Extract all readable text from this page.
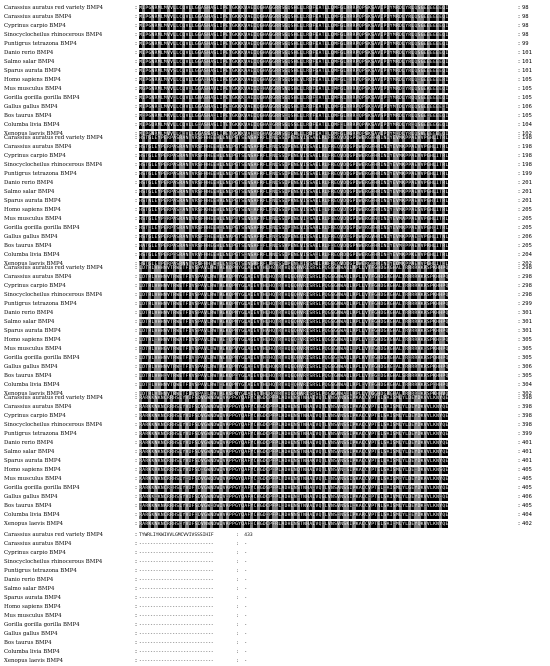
Carassius auratus red variety BMP4	: M I P G N R M L M V V L L C Q V L L G G A S H A S L I P E T G K K K V A E I Q G H A G G R R S G Q S H E L L R D F E A T L L Q M F G L R R R P Q P S K S A V I P D Y M R D L Y R L Q S G E E E E E E Q I	: 98
Carassius auratus BMP4	: M I P G N R M L M V V L L C Q V L L G G A S H A S L I P E T G K K K V A E I Q G H A G G R R S G Q S H E L L R D F E A T L L Q M F G L R R R P Q P S K S A V I P D Y M R D L Y R L Q S G E E E E E E Q I	: 98
Cyprinus carpio BMP4	: M I P G N R M L M V V L L C Q V L L G G A S H A S L I P E T G K K K V A E I Q G H A G G R R S G Q S H E L L R D F E A T L L Q M F G L R R R P Q P S K S A V I P D Y M R D L Y R L Q S G E E E E E E Q I	: 98
Sinocyclocheilus rhinocerous BMP4	: M I P G N R M L M V V L L C Q V L L G G A S H A S L I P E T G K K K V A E I Q G H A G G R R S G Q S H E L L R D F E A T L L Q M F G L R R R P Q P S K S A V I P D Y M R D L Y R L Q S G E E E E E E Q I	: 98
Puntigrus tetrazona BMP4	: M I P G N R M L M V V L L C Q V L L G G A S H A S L I P E T G K K K V A E I Q G H A G G R R S G Q S H E L L R D F E A T L L Q M F G L R R R P Q P S K S A V I P D Y M R D L Y R L Q S G E E E E E E Q I	: 99
Danio rerio BMP4	: M I P G N R M L M V V L L C Q V L L G G A S H A S L I P E T G K K K V A E I Q G H A G G R R S G Q S H E L L R D F E A T L L Q M F G L R R R P Q P S K S A V I P D Y M R D L Y R L Q S G E E E E E E Q I	: 101
Salmo salar BMP4	: M I P G N R M L M V V L L C Q V L L G G A S H A S L I P E T G K K K V A E I Q G H A G G R R S G Q S H E L L R D F E A T L L Q M F G L R R R P Q P S K S A V I P D Y M R D L Y R L Q S G E E E E E E Q I	: 101
Sparus aurata BMP4	: M I P G N R M L M V V S L C Q V L L G G A S H A S L I P E T G K K K A A E I Q G H A G G R R S G Q S H E L L R D F G A T L L Q M F G L R R R P Q P S K S A V I P V Y M R D L Y R L Q S G E E E E E E Q I	: 101
Homo sapiens BMP4	: M I P G N R A L M V V L L C Q V L L G G A - H A S L I P E G G K K K V A E I Q G H A G G - R S G Q S H E V L R D F E A T L L Q M F G L - R R P Q P S K N A V I P D Y M R D L Y R L Q - G E E E E E E R I	: 105
Mus musculus BMP4	: M G P G N R M L M V V L L C Q V - L G G A S H A V L I P E T G K K K V A E I Q - H A G G R R S N Q S H E L L R D F E A T L L - M F G L R R R R Q P S K S A V I P D Y M R D - Y R L Q S G E K E E E E Q I	: 105
Gorilla gorilla gorilla BMP4	: M I P G N R M L M V V - L C Q V L L G N A S H A S L I P E T G K K K - A E I Q G H A R G R R S G Q S H E L L R D F - A T L L Q M F K L R R R P Q P S K S A V I P - Y M R D L Y R Q Q S G E E E E E E Q I	: 105
Gallus gallus BMP4	: M I P G N R - L M V V L L C R V L L G G A S H A S L I P E - G K K K V A E K Q G H A G G R R S G Q S H E - L R D F E A T Q L Q M F G L R R R P Q P S K - A V I P D Y M T D L Y R L Q S G E E E E E E - I	: 106
Bos taurus BMP4	: M - P G N R M L M K V L L C Q V L L G G A S H A - L I P E T G K Q K V A E I Q G H A G G R R S - Q S H E L L R T F E A T L L Q M F G L R R R - Q P S K S A V S P D Y M R D L Y R L Q S G E - E E E E Q I	: 105
Columba livia BMP4	: M I P G Q R M L M V V L L C Q V L L G - A S H A S L I T E T G K K K V A E I Q G H A - G R R S G Q S S E L L R D F E A T L L Q M F - L R R R P Q P A K S A V I P D Y M R D L Y R - Q S G E E E E G E Q I	: 104
Xenopus laevis BMP4	:	: 102
Carassius auratus red variety BMP4	: H S T G L E Y P E R P A S R A N T V R S F H H E E H L E N L P G T S E N S A F R F L F N L S S I P E N E V I S S A E L R L F R E Q V D Q G P D W E R G F H R I N I Y E V M K P P A E V V P G H L I T R L	: 198
Carassius auratus BMP4	: H S T G L E Y P E R P A S R A N T V R S F H H E E H L E N L P G T S E N S A F R F L F N L S S I P E N E V I S S A E L R L F R E Q V D Q G P D W E R G F H R I N I Y E V M K P P A E V V P G H L I T R L	: 198
Cyprinus carpio BMP4	: H S T G L E Y P E R P A S R A N T V R S F H H E E H L E N L P G T S E N S A F R F L F N L S S I P E N E V I S S A E L R L F R E Q V D Q G P D W E R G F H R I N I Y E V M K P P A E V V P G H L I T R L	: 198
Sinocyclocheilus rhinocerous BMP4	: H S T G L E Y P E R P A S R A N T V R S F H H E E H L E N L P G T S E N S A F R F L F N L S S I P E N E V I S S A E L R L F R E Q V D Q G P D W E R G F H R I N I Y E V M K P P A E V V P G H L I T R L	: 198
Puntigrus tetrazona BMP4	: H S T G L E Y P E R P A S R A N T V R S F H H E E H L E N L P G T S E N S A F R F L F N L S S I P E N E V I S S A E L R L F R E Q V D Q G P D W E R G F H R I N I Y E V M K P P A E V V P G H L I T R L	: 199
Danio rerio BMP4	: H S T G L E Y P E R P A S R A N T V R S F H H E E H L E N L P G T S E N S A F R F L F N L S S I P E N E V I S S A E L R L F R E Q V D Q G P D W E R G F H R I N I Y E V M K P P A E V V P G H L I T R L	: 201
Salmo salar BMP4	: H S T G L E Y P E R P A S R A N T V R S F H H E E H L E N L P G T S E N S A F R F L F N L S S I P E N E V I S S A E L R L F R E Q V D Q G P D W E R G F H R I N I Y E V M K P P A E V V P G H L I T R L	: 201
Sparus aurata BMP4	: H S T N L E Y P E R P A S R A N T V R S F H H E E H R E N L P G T S E N S A F R F L F N L S S I P K N E V I S S A E L R L F R E Q V D Q G P D W Q R G F H R I N I Y E V M K P P A E V V P G H T I T R L	: 201
Homo sapiens BMP4	: H S T G L E Y P E R P A S - A N T V R S F K H E E H L E N L P G T S E N - A F R F L F N Q S S I P E N E V I S S A E L - L F R E Q V D T G P D W E R G F H R I N I Y - V M K P P A E S V P G H L I T R L	: 205
Mus musculus BMP4	: H S T G L E Y P - R P A S R A N Q V R S F H H E E H L E N L P - T S E N S A F T F L F N L S S I P E N E V I - S A E L R L F S E Q V D Q G P D W E R G F H - I N I Y E V M A P P A E V V P G H L I T R L	: 205
Gorilla gorilla gorilla BMP4	: H S T - L E Y P E R P T S R A N T V R S F H H E E H - E N L P G T S S N S A F R F L F N L S S I P - N E V I S S A A L R L F R E Q V D Q G P D W - R G F H R I N G Y E V M K P P A E V V P G H - I T R L	: 205
Gallus gallus BMP4	: H S T G L E S P E R P A S R A N T V R S F - H E E H L E N A P G T S E N S A F R F L F N - S S I P E N E G I S S A E L R L F R E Q V D - G P D W E R G V H R I N I Y E V M K P P A E - V P G H L I T N L	: 206
Bos taurus BMP4	: H A T G L E Y P E R P A S R A N - V R S F H H E G H L E N L P G T S E N S A F - F L F N L S S V P E N E V I S S A E L R L F - E Q V D Q G P N W E R G F H R I N I Y E V M - P P A E V V P R H L I T R L	: 205
Columba livia BMP4	: H S T G L E Y P E R P - S R A N T V R V F H H E E H L E N L P G T S - N S A F R F L N N L S S I P E N E V I S S A - L R L F R E Q R D Q G P D W E R G F H R I N - Y E V M K P P K E V V P G H L I T R L	: 204
Xenopus laevis BMP4	:	: 202
Carassius auratus red variety BMP4	: L D T R L V H H N V T R W E T F D V S P A V L R W T R E K Q P N Y G L A I E V T H L H Q T R T H Q G Q H V R I S R S L P Q G S G N W A Q L R P L L V T F G H D G R G H A L T R R R R A K R S P K H H P Q	: 298
Carassius auratus BMP4	: L D T R L V H H N V T R W E T F D V S P A V L R W T R E K Q P N Y G L A I E V T H L H Q T R T H Q G Q H V R I S R S L P Q G S G N W A Q L R P L L V T F G H D G R G H A L T R R R R A K R S P K H H P Q	: 298
Cyprinus carpio BMP4	: L D T R L V H H N V T R W E T F D V S P A V L R W T R E K Q P N Y G L A I E V T H L H Q T R T H Q G Q H V R I S R S L P Q G S G N W A Q L R P L L V T F G H D G R G H A L T R R R R A K R S P K H H P Q	: 298
Sinocyclocheilus rhinocerous BMP4	: L D T R L V H H N V T R W E T F D V S P A V L R W T R E K Q P N Y G L A I E V T H L H Q T R T H Q G Q H V R I S R S L P Q G S G N W A Q L R P L L V T F G H D G R G H A L T R R R R A K R S P K H H P Q	: 298
Puntigrus tetrazona BMP4	: L D T R L V H H N V T R W E T F D V S P A V L R W T R E K Q P N Y G L A I E V T H L H Q T R T H Q G Q H V R I S R S L P Q G S G N W A Q L R P L L V T F G H D G R G H A L T R R R R A K R S P K H H P Q	: 299
Danio rerio BMP4	: L D T R L V H H N V T R W E T F D V S P A V L R W T R E K Q P N Y G L A I E V T H L H Q T R T H Q G Q H V R I S R S L P Q G S G N W A Q L R P L L V T F G H D G R G H A L T R R R R A K R S P K H H P Q	: 301
Salmo salar BMP4	: L D T R L V H H N V T R W E T F D V S P A V L R W T R E K Q P N Y G L A I E V T H L H Q T R T H Q G Q H V R I S R S L P Q G S G N W A Q L R P L L V T F G H D G R G H A L T R R R R A K R S P K H H P Q	: 301
Sparus aurata BMP4	: L D T R L V H H N V T R W E T F D V S P A V L R W T R E K Q P N Y G L A I E V T H A H Q T R T H Q G Q H V R I S R S L P Q G S G G W A Q L R P L L V T F G H D G R G H A L T R V R R A K R S P K H H P Q	: 301
Homo sapiens BMP4	: L D T R L - H H N V T R W A T F D V S P A V L R W T R E - Q P N Y G L A G E V T H L H Q T R T H Q G Q - V R I S R S L V Q G S G N W A Q L R P L L V - F G H D G R G N A L T R R R R A K R S P K H - P Q	: 305
Mus musculus BMP4	: - D T R L V H H G V T R W E T F D V S P A V L - W T R E K Q P V Y G L A I E V T H L H Q T R - H Q G Q H V R N S R S L P Q G S G N W A Q L - P L L V T F G R D G R G H A L T R R R R A K - S P K H H P Q	: 305
Gorilla gorilla gorilla BMP4	: L D T V L V H H N V T R W E T F D V - P A V L R W T N E K Q P N Y G L A I E V T H - H Q T R T H Q R Q H V R I S R S L P Q G S G - W A Q L R P L K V T F G H D G R G H A L T R - R R A K R S P Q H H P Q	: 305
Gallus gallus BMP4	: L D T R L V H H N V T R W - T F D V S P A R L R W T R E K Q P N Y G L A - E V T H L H Q K R T H Q G Q H V R I S R S L - Q G S G N W A Q L R P L L V T F G H D G R G - A L T R R R R T K R S P K H H P Q	: 306
Bos taurus BMP4	: L D T R L V H H - V T R W E T F K V S P A V L R W T R E K Q P - Y G L A I E V Q H L H Q T R T H Q G Q H V R - S R S L P Q G T G N W A Q L R P L L V T F G - D G R G H A L S R R R R A K R S P K H H P Q	: 305
Columba livia BMP4	: L D T - L V H H N V T Q W E T F D V S P A V L R W T - E K Q P N Y G T A I E V T H L H Q T R T H Q - Q H V R I S R S L P Q G S G N W A Q L R P L - V T F G H D G A G H A L T R R R R A K R S P - H H P Q	: 304
Xenopus laevis BMP4	:	: 302
Carassius auratus red variety BMP4	: R A R K K N K N C R R H S L Y V D F S D V G W N D W I V A P P G Y Q A F Y C H G D C P F P L A D H L N S T N H A I V Q T L V N S V N S S I P K A C C V P T E L S A I S M L Y L D E Y D K V V L K N Y Q E	: 398
Carassius auratus BMP4	: R A R K K N K N C R R H S L Y V D F S D V G W N D W I V A P P G Y Q A F Y C H G D C P F P L A D H L N S T N H A I V Q T L V N S V N S S I P K A C C V P T E L S A I S M L Y L D E Y D K V V L K N Y Q E	: 398
Cyprinus carpio BMP4	: R A R K K N K N C R R H S L Y V D F S D V G W N D W I V A P P G Y Q A F Y C H G D C P F P L A D H L N S T N H A I V Q T L V N S V N S S I P K A C C V P T E L S A I S M L Y L D E Y D K V V L K N Y Q E	: 398
Sinocyclocheilus rhinocerous BMP4	: R A R K K N K N C R R H S L Y V D F S D V G W N D W I V A P P G Y Q A F Y C H G D C P F P L A D H L N S T N H A I V Q T L V N S V N S S I P K A C C V P T E L S A I S M L Y L D E Y D K V V L K N Y Q E	: 398
Puntigrus tetrazona BMP4	: R A R K K N K N C R R H S L Y V D F S D V G W N D W I V A P P G Y Q A F Y C H G D C P F P L A D H L N S T N H A I V Q T L V N S V N S S I P K A C C V P T E L S A I S M L Y L D E Y D K V V L K N Y Q E	: 399
Danio rerio BMP4	: R A R K K N K N C R R H S L Y V D F S D V G W N D W I V A P P G Y Q A F Y C H G D C P F P L A D H L N S T N H A I V Q T L V N S V N S S I P K A C C V P T E L S A I S M L Y L D E Y D K V V L K N Y Q E	: 401
Salmo salar BMP4	: R A R K K N K N C R R H S L Y V D F S D V G W N D W I V A P P G Y Q A F Y C H G D C P F P L A D H L N S T N H A I V Q T L V N S V N S S I P K A C C V P T E L S A I S M L Y L D E Y D K V V L K N Y Q E	: 401
Sparus aurata BMP4	: R A R K K N K N C R N H S L Y V D F S D V G W N D W I V A P P G Y R A F Y C H G D C P F P L A D H L N S T N H A K V Q T L V N S V N S S I P K A C C V P T E L Q A I S M L Y L D E Y D K V V L K N Y Q E	: 401
Homo sapiens BMP4	: R A R K K R K N C R R H S L Y V D F S D - G W N D W I V K P P G Y Q A F Y C H G D C P - P L A D H L N Q T N H A I V Q T L V N S V N - S I P K A C C T P T E L S A I S M L Y L D E - D K V V L K N S Q E	: 405
Mus musculus BMP4	: K A R K K N K N C R R H S L Y - D F S D V G W Q D W I V A P P G Y Q A F Y C - G D C P F P L T D H L N S T N H A I V Q T L - N S V N S S I S K A C C V P T E L S A I S M - Y L D E Y D K A V L K N Y Q E	: 405
Gorilla gorilla gorilla BMP4	: R A R K K N K N C R - H S L Y V D F T D V G W N D W I V A P P G Y - A F Y C H G D S P F P L A D H L N S T N H A - V Q T L V N S A N S S I P K A C C V P T E L - A I S M L Y L G E Y D K V V L K N Y Q E	: 405
Gallus gallus BMP4	: R A R K K - K N C R R H S S Y V D F S D V G W N D W I V - P P G Y Q A F A C H G D C P F P L A D H L N - T N H A I V Q G L V N S V N S S I P K A C C - P T E L S A I V M L Y L D E Y D K V V L K N - Q E	: 406
Bos taurus BMP4	: - A R K K N K N A R R H S L Y V D F S D V G W - D W I V A P P G Y Q A F Y C H G D C P F P L - D H L N S T N V A I V Q T L V N S V N S S I - K A C C V P T N L S A I S M L Y L D E Y D K - V L K N Y Q E	: 405
Columba livia BMP4	: R A R G K N K N C R R H S L Y V D F - D V G W N D W V V A P P G Y Q A F Y C H G D - P F P L A D H N N S T N H A I V Q T L V N S - N S S I P K A R C V P T E L S A I S M L Y L - E Y D K V V L K N Y Q E	: 404
Xenopus laevis BMP4	: R A R K K N K N C R R H S - Y V D F S D V N W N D W I V A P P G Y Q A F - C H G D C P F R L A D H L N S T N H A I V Q - L V N S V N S K I P K A C C V P T E L S A I - M L Y L D E Y Q K V V L K N Y Q E	: 402
Carassius auratus red variety BMP4	: TYWRLIYKWIVVLGMCVVIVSSSIHIF	:  433
Carassius auratus BMP4	: ---------------------------	:  -
Cyprinus carpio BMP4	: ---------------------------	:  -
Sinocyclocheilus rhinocerous BMP4	: ---------------------------	:  -
Puntigrus tetrazona BMP4	: ---------------------------	:  -
Danio rerio BMP4	: ---------------------------	:  -
Salmo salar BMP4	: ---------------------------	:  -
Sparus aurata BMP4	: ---------------------------	:  -
Homo sapiens BMP4	: ---------------------------	:  -
Mus musculus BMP4	: ---------------------------	:  -
Gorilla gorilla gorilla BMP4	: ---------------------------	:  -
Gallus gallus BMP4	: ---------------------------	:  -
Bos taurus BMP4	: ---------------------------	:  -
Columba livia BMP4	: ---------------------------	:  -
Xenopus laevis BMP4	: ---------------------------	:  -
